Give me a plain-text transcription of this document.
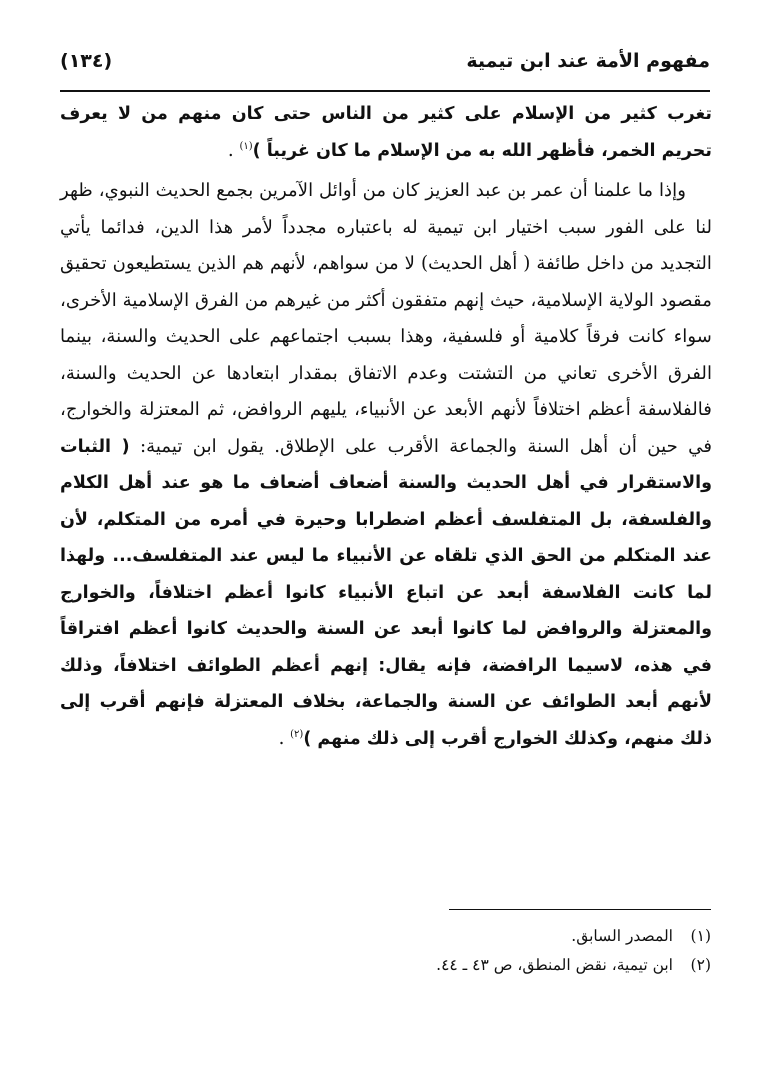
مفهوم الأمة عند ابن تيمية
(١٣٤)

تغرب كثير من الإسلام على كثير من الناس حتى كان منهم من لا يعرف تحريم الخمر، فأظهر الله به من الإسلام ما كان غريباً )$^{(١)}$ .

وإذا ما علمنا أن عمر بن عبد العزيز كان من أوائل الآمرين بجمع الحديث النبوي، ظهر لنا على الفور سبب اختيار ابن تيمية له باعتباره مجدداً لأمر هذا الدين، فدائما يأتي التجديد من داخل طائفة ( أهل الحديث) لا من سواهم، لأنهم هم الذين يستطيعون تحقيق مقصود الولاية الإسلامية، حيث إنهم متفقون أكثر من غيرهم من الفرق الإسلامية الأخرى، سواء كانت فرقاً كلامية أو فلسفية، وهذا بسبب اجتماعهم على الحديث والسنة، بينما الفرق الأخرى تعاني من التشتت وعدم الاتفاق بمقدار ابتعادها عن الحديث والسنة، فالفلاسفة أعظم اختلافاً لأنهم الأبعد عن الأنبياء، يليهم الروافض، ثم المعتزلة والخوارج، في حين أن أهل السنة والجماعة الأقرب على الإطلاق. يقول ابن تيمية: ( الثبات والاستقرار في أهل الحديث والسنة أضعاف أضعاف ما هو عند أهل الكلام والفلسفة، بل المتفلسف أعظم اضطرابا وحيرة في أمره من المتكلم، لأن عند المتكلم من الحق الذي تلقاه عن الأنبياء ما ليس عند المتفلسف... ولهذا لما كانت الفلاسفة أبعد عن اتباع الأنبياء كانوا أعظم اختلافاً، والخوارج والمعتزلة والروافض لما كانوا أبعد عن السنة والحديث كانوا أعظم افتراقاً في هذه، لاسيما الرافضة، فإنه يقال: إنهم أعظم الطوائف اختلافاً، وذلك لأنهم أبعد الطوائف عن السنة والجماعة، بخلاف المعتزلة فإنهم أقرب إلى ذلك منهم، وكذلك الخوارج أقرب إلى ذلك منهم )$^{(٢)}$ .

(١)
المصدر السابق.
(٢)
ابن تيمية، نقض المنطق، ص ٤٣ ـ ٤٤.
